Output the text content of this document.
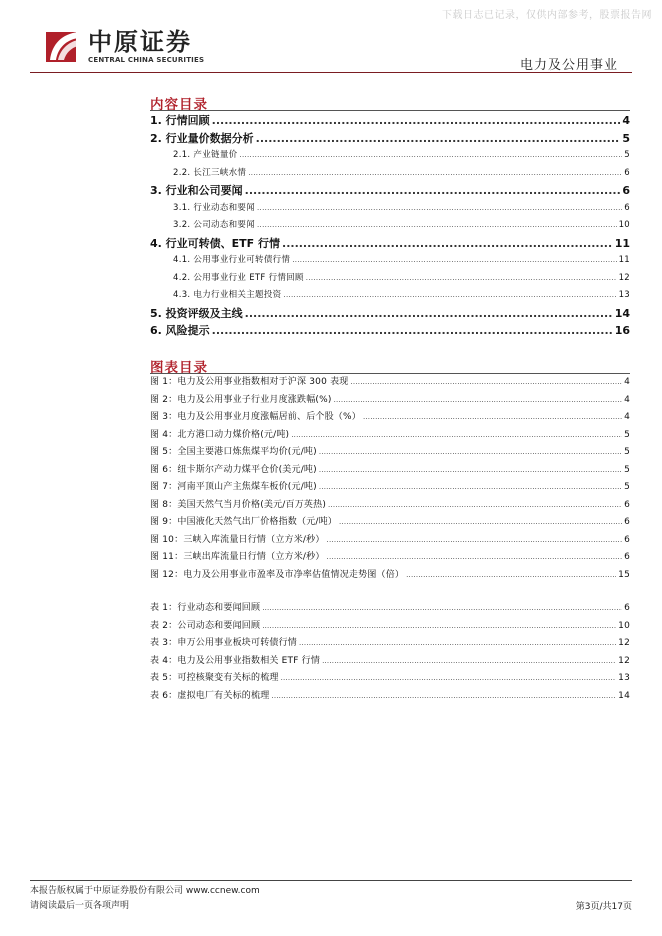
下载日志已记录，仅供内部参考，股票报告网
中原证券
CENTRAL CHINA SECURITIES	电力及公用事业
内容目录
1. 行情回顾 .....	4
2. 行业量价数据分析 .....	5
2.1. 产业链量价 .....	5
2.2. 长江三峡水情 .....	6
3. 行业和公司要闻 .....	6
3.1. 行业动态和要闻 .....	6
3.2. 公司动态和要闻 .....	10
4. 行业可转债、ETF 行情 .....	11
4.1. 公用事业行业可转债行情 .....	11
4.2. 公用事业行业 ETF 行情回顾 .....	12
4.3. 电力行业相关主题投资 .....	13
5. 投资评级及主线 .....	14
6. 风险提示 .....	16
图表目录
图 1：电力及公用事业指数相对于沪深 300 表现 .....	4
图 2：电力及公用事业子行业月度涨跌幅(%) .....	4
图 3：电力及公用事业月度涨幅居前、后个股（%） .....	4
图 4：北方港口动力煤价格(元/吨) .....	5
图 5：全国主要港口炼焦煤平均价(元/吨) .....	5
图 6：纽卡斯尔产动力煤平仓价(美元/吨) .....	5
图 7：河南平顶山产主焦煤车板价(元/吨) .....	5
图 8：美国天然气当月价格(美元/百万英热) .....	6
图 9：中国液化天然气出厂价格指数（元/吨） .....	6
图 10：三峡入库流量日行情（立方米/秒） .....	6
图 11：三峡出库流量日行情（立方米/秒） .....	6
图 12：电力及公用事业市盈率及市净率估值情况走势图（倍） .....	15
表 1：行业动态和要闻回顾 .....	6
表 2：公司动态和要闻回顾 .....	10
表 3：申万公用事业板块可转债行情 .....	12
表 4：电力及公用事业指数相关 ETF 行情 .....	12
表 5：可控核聚变有关标的梳理 .....	13
表 6：虚拟电厂有关标的梳理 .....	14
本报告版权属于中原证券股份有限公司 www.ccnew.com
请阅读最后一页各项声明	第3页/共17页
